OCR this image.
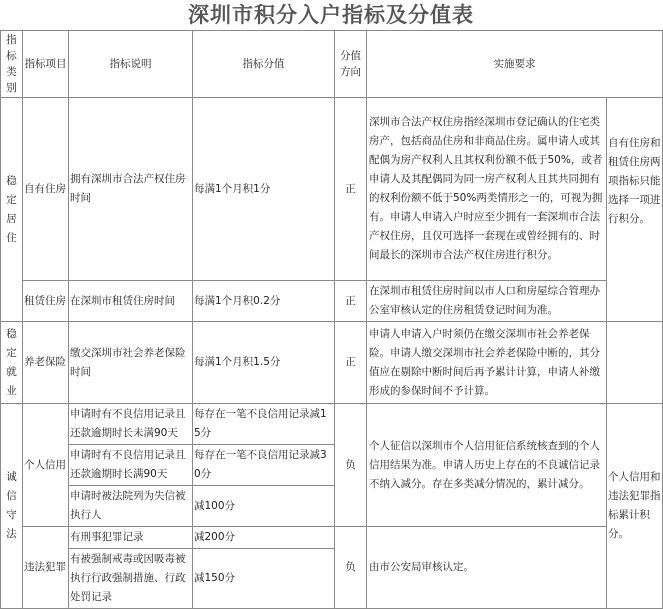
深圳市积分入户指标及分值表
指标类别	指标项目	指标说明	指标分值	分值方向	实施要求	
稳定居住	自有住房	拥有深圳市合法产权住房时间	每满1个月积1分	正	深圳市合法产权住房指经深圳市登记确认的住宅类房产，包括商品住房和非商品住房。属申请人或其配偶为房产权利人且其权利份额不低于50%，或者申请人及其配偶同为同一房产权利人且其共同拥有的权利份额不低于50%两类情形之一的，可视为拥有。申请人申请入户时应至少拥有一套深圳市合法产权住房，且仅可选择一套现在或曾经拥有的、时间最长的深圳市合法产权住房进行积分。	自有住房和租赁住房两项指标只能选择一项进行积分。
	租赁住房	在深圳市租赁住房时间	每满1个月积0.2分	正	在深圳市租赁住房时间以市人口和房屋综合管理办公室审核认定的住房租赁登记时间为准。	
稳定就业	养老保险	缴交深圳市社会养老保险时间	每满1个月积1.5分	正	申请人申请入户时须仍在缴交深圳市社会养老保险。申请人缴交深圳市社会养老保险中断的，其分值应在剔除中断时间后再予累计计算，申请人补缴形成的参保时间不予计算。	
诚信守法	个人信用	申请时有不良信用记录且还款逾期时长未满90天	每存在一笔不良信用记录减15分	负	个人征信以深圳市个人信用征信系统核查到的个人信用结果为准。申请人历史上存在的不良诚信记录不纳入减分。存在多类减分情况的，累计减分。	个人信用和违法犯罪指标累计积分。
		申请时有不良信用记录且还款逾期时长满90天	每存在一笔不良信用记录减30分			
		申请时被法院列为失信被执行人	减100分			
	违法犯罪	有刑事犯罪记录	减200分	负	由市公安局审核认定。	
		有被强制戒毒或因吸毒被执行行政强制措施、行政处罚记录	减150分			
